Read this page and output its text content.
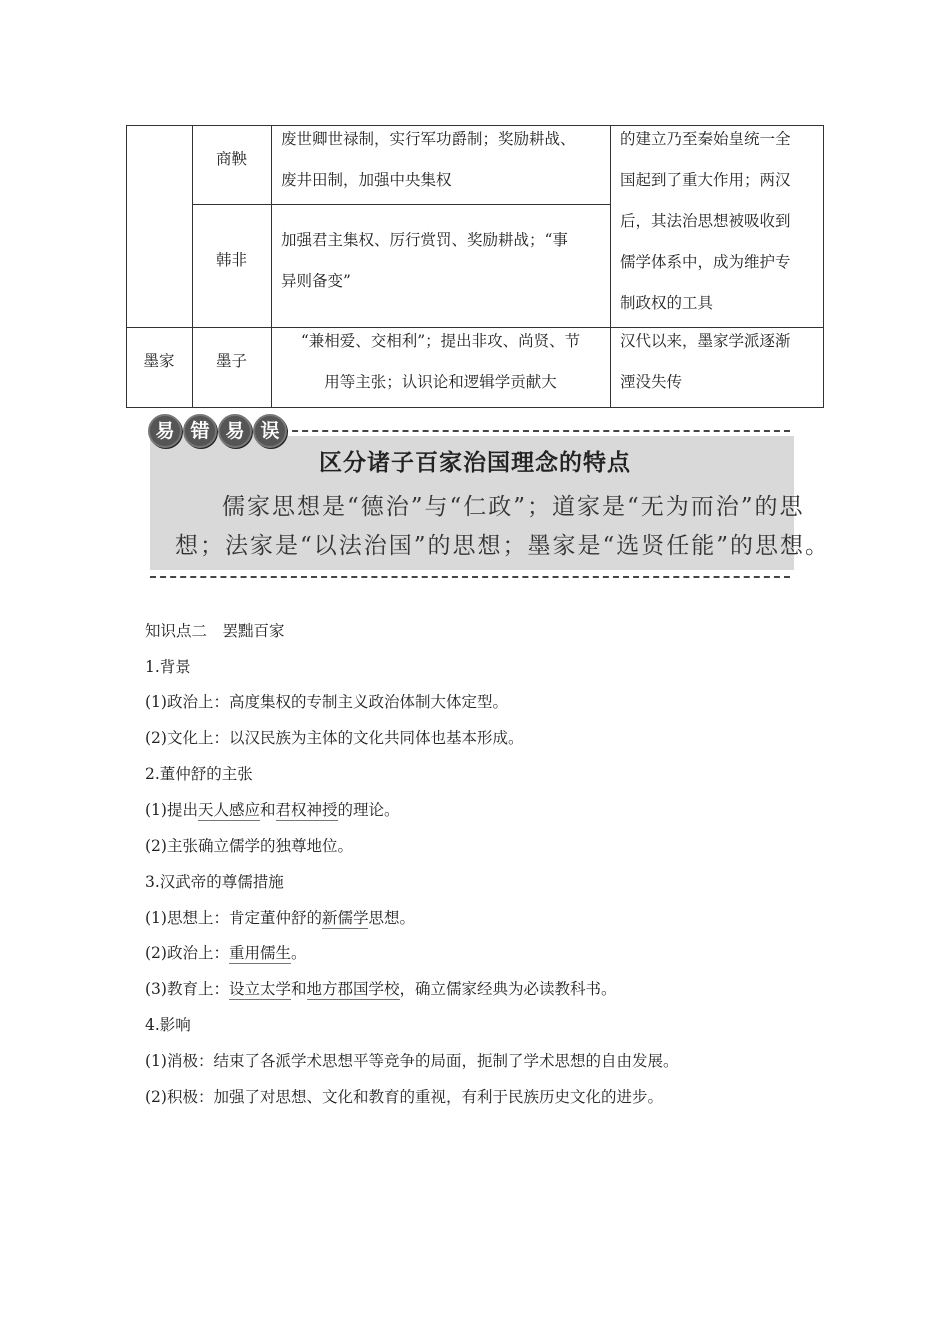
商鞅
废世卿世禄制，实行军功爵制；奖励耕战、
废井田制，加强中央集权
韩非
加强君主集权、厉行赏罚、奖励耕战；“事
异则备变”
的建立乃至秦始皇统一全
国起到了重大作用；两汉
后，其法治思想被吸收到
儒学体系中，成为维护专
制政权的工具
墨家	墨子
“兼相爱、交相利”；提出非攻、尚贤、节
用等主张；认识论和逻辑学贡献大
汉代以来，墨家学派逐渐
湮没失传
易 错 易 误
区分诸子百家治国理念的特点
儒家思想是“德治”与“仁政”；道家是“无为而治”的思
想；法家是“以法治国”的思想；墨家是“选贤任能”的思想。
知识点二　罢黜百家
1.背景
(1)政治上：高度集权的专制主义政治体制大体定型。
(2)文化上：以汉民族为主体的文化共同体也基本形成。
2.董仲舒的主张
(1)提出天人感应和君权神授的理论。
(2)主张确立儒学的独尊地位。
3.汉武帝的尊儒措施
(1)思想上：肯定董仲舒的新儒学思想。
(2)政治上：重用儒生。
(3)教育上：设立太学和地方郡国学校，确立儒家经典为必读教科书。
4.影响
(1)消极：结束了各派学术思想平等竞争的局面，扼制了学术思想的自由发展。
(2)积极：加强了对思想、文化和教育的重视，有利于民族历史文化的进步。
